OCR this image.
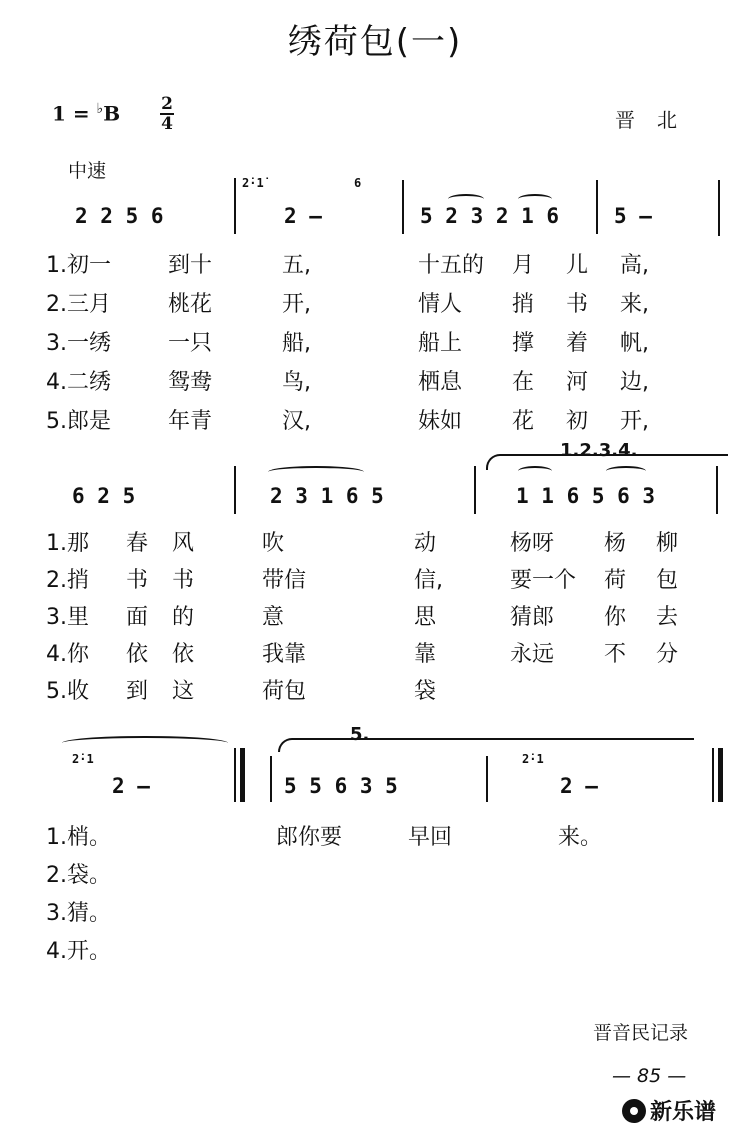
绣荷包(一)
1 = ♭B 2
4	晋北
中速
2̇·1̇	6
2 2 5 6	2 —	5 2 3 2 1 6	5 —
1.初一	到十	五,	十五的 月 儿 高,
2.三月	桃花	开,	情人 捎 书 来,
3.一绣	一只	船,	船上 撑 着 帆,
4.二绣	鸳鸯	鸟,	栖息 在 河 边,
5.郎是	年青	汉,	妹如 花 初 开,
1.2.3.4.
6 2 5	2 3 1 6 5	1 1 6 5 6 3
1.那 春 风	吹	动	杨呀 杨 柳
2.捎 书 书	带信	信,	要一个 荷 包
3.里 面 的	意	思	猜郎 你 去
4.你 依 依	我靠	靠	永远 不 分
5.收 到 这	荷包	袋
5.
2̇·1	2̇·1
2 —	5 5 6 3 5	2 —
1.梢。	郎你要	早回	来。
2.袋。
3.猜。
4.开。
晋音民记录
— 85 —
新乐谱
